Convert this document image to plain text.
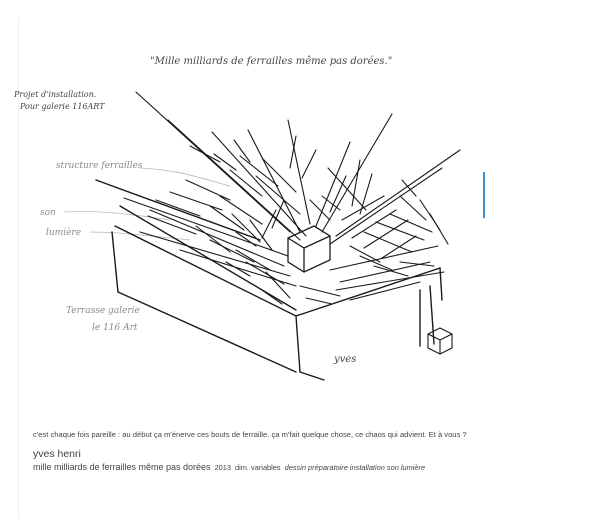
"Mille milliards de ferrailles même pas dorées."
Projet d'installation.
Pour galerie 116ART
structure ferrailles
son
lumière
Terrasse galerie
le 116 Art
yves

c'est chaque fois pareille : au début ça m'énerve ces bouts de ferraille. ça m'fait quelque chose, ce chaos qui advient. Et à vous ?

yves henri

mille milliards de ferrailles même pas dorées 2013 dim. variables dessin préparatoire installation son lumière
